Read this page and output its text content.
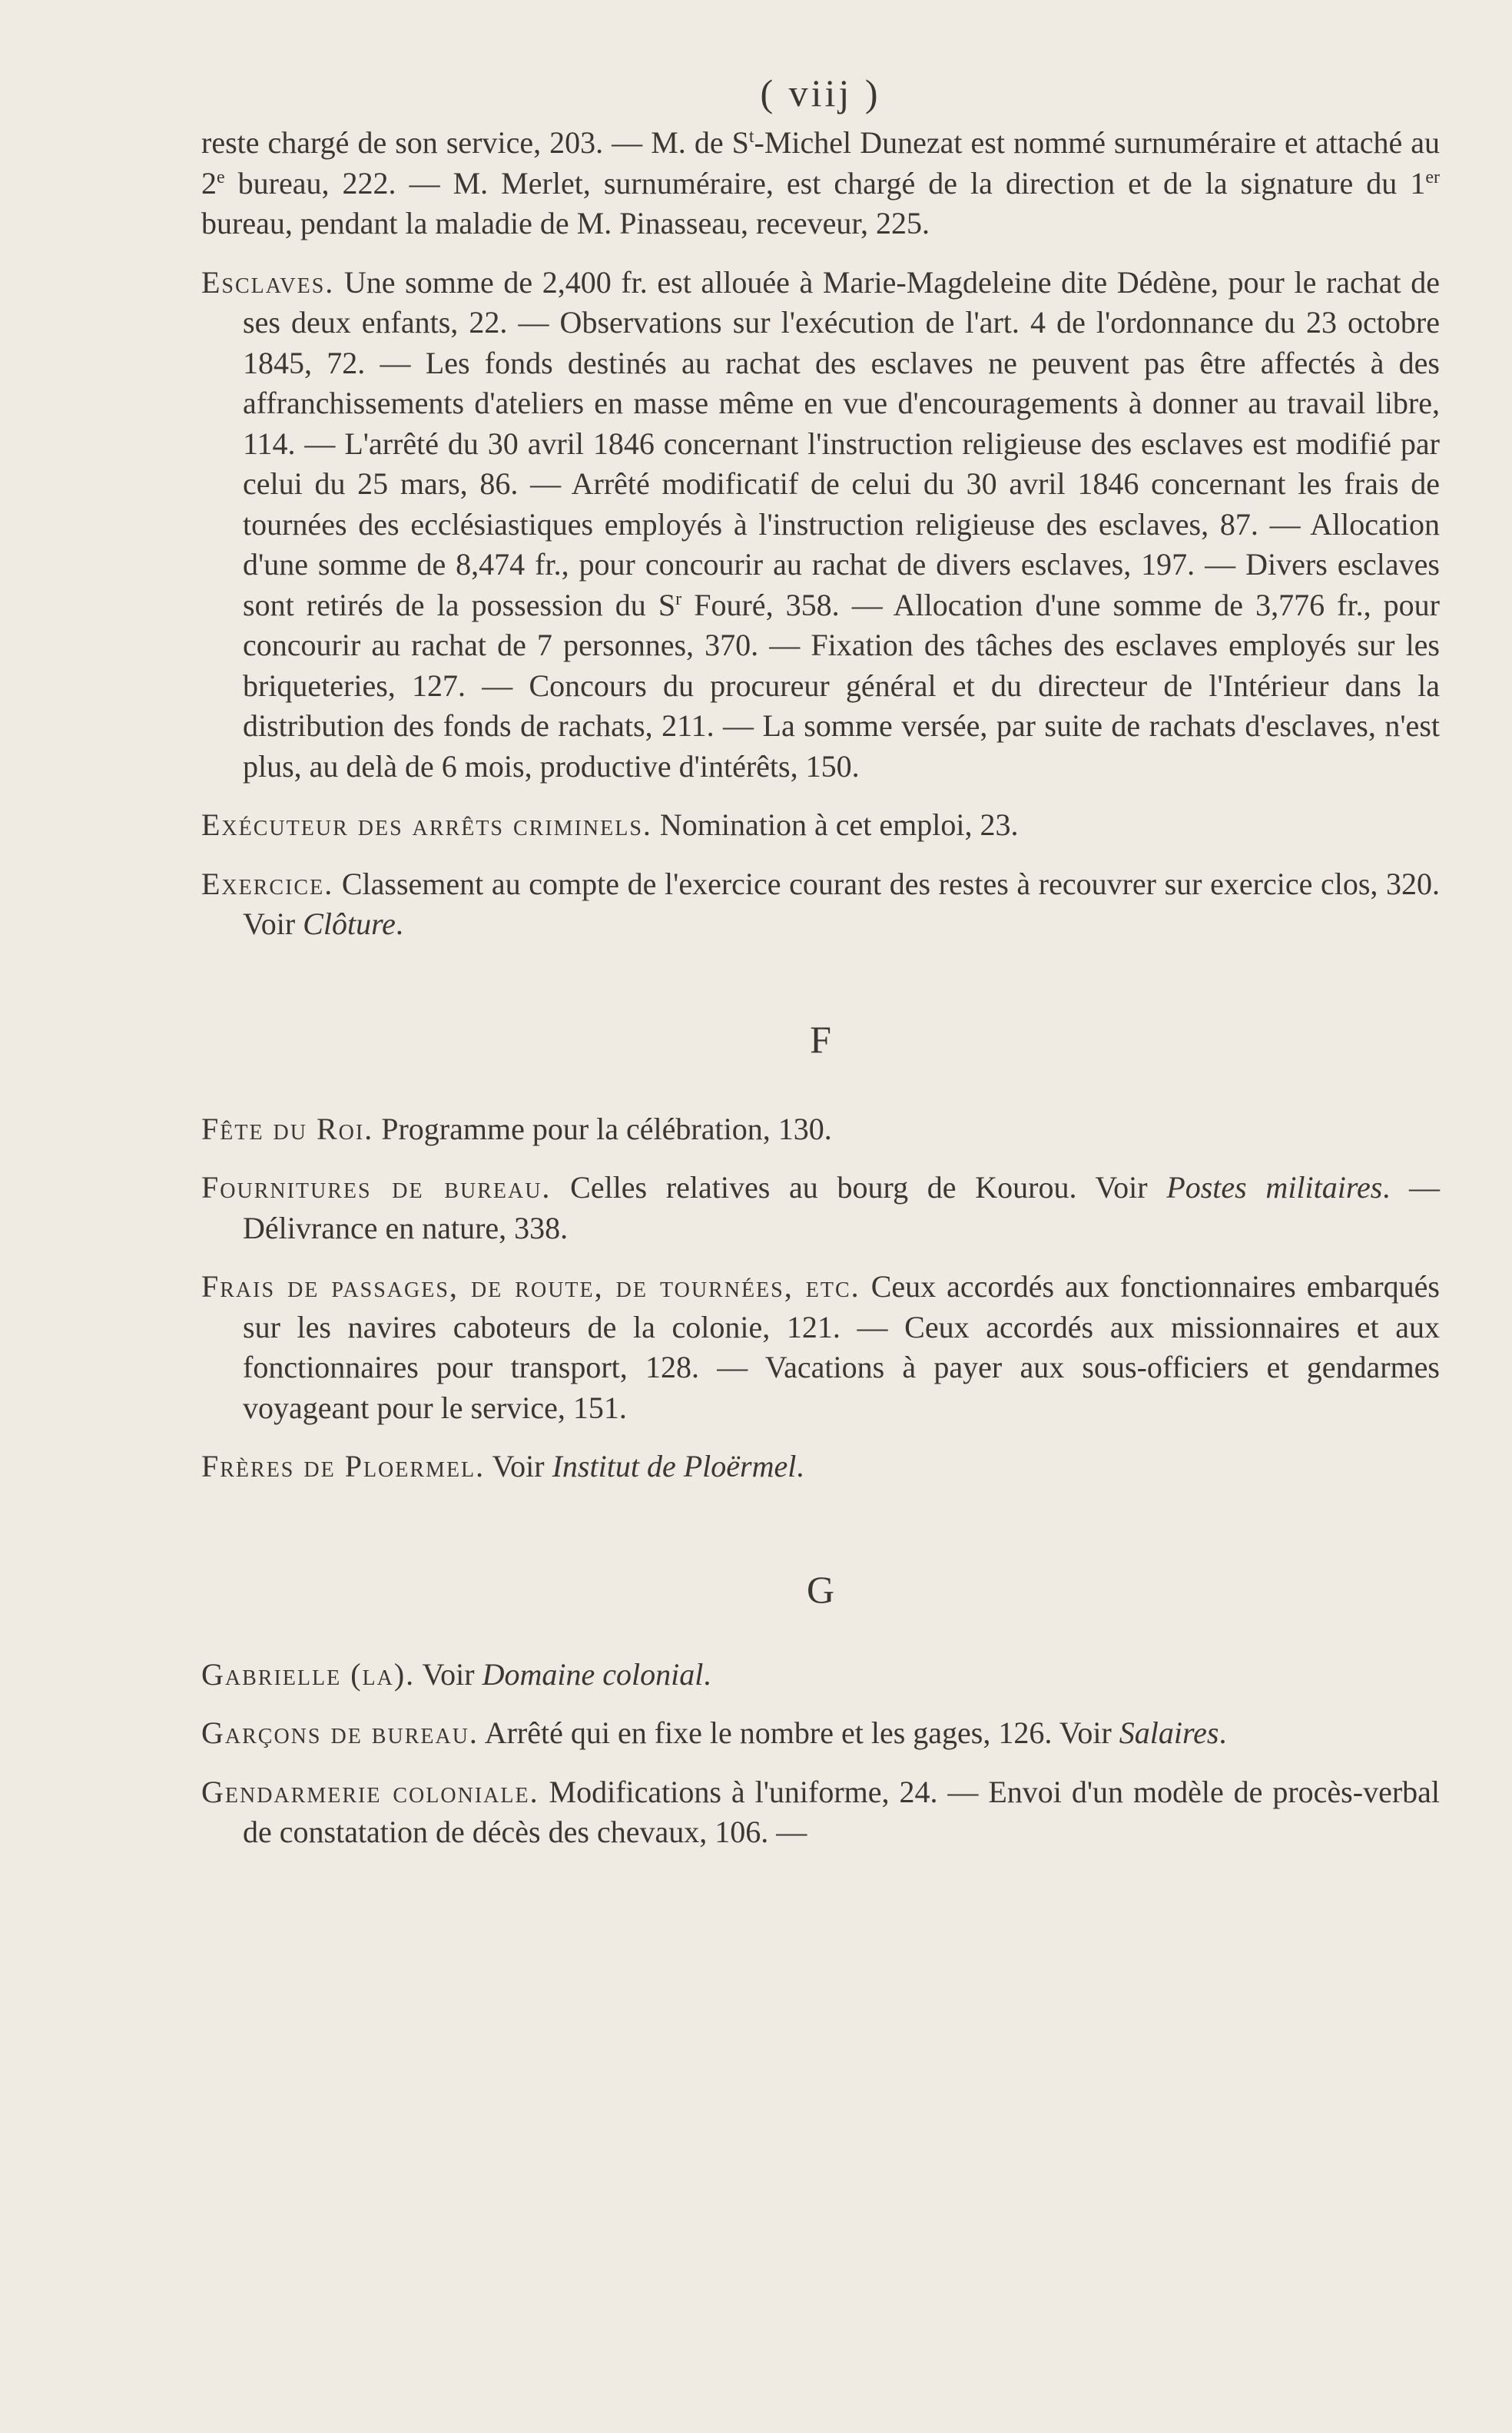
( viij )

reste chargé de son service, 203. — M. de $S^t$-Michel Dunezat est nommé surnuméraire et attaché au 2e bureau, 222. — M. Merlet, surnuméraire, est chargé de la direction et de la signature du 1er bureau, pendant la maladie de M. Pinasseau, receveur, 225.

Esclaves. Une somme de 2,400 fr. est allouée à Marie-Magdeleine dite Dédène, pour le rachat de ses deux enfants, 22. — Observations sur l'exécution de l'art. 4 de l'ordonnance du 23 octobre 1845, 72. — Les fonds destinés au rachat des esclaves ne peuvent pas être affectés à des affranchissements d'ateliers en masse même en vue d'encouragements à donner au travail libre, 114. — L'arrêté du 30 avril 1846 concernant l'instruction religieuse des esclaves est modifié par celui du 25 mars, 86. — Arrêté modificatif de celui du 30 avril 1846 concernant les frais de tournées des ecclésiastiques employés à l'instruction religieuse des esclaves, 87. — Allocation d'une somme de 8,474 fr., pour concourir au rachat de divers esclaves, 197. — Divers esclaves sont retirés de la possession du $S^r$ Fouré, 358. — Allocation d'une somme de 3,776 fr., pour concourir au rachat de 7 personnes, 370. — Fixation des tâches des esclaves employés sur les briqueteries, 127. — Concours du procureur général et du directeur de l'Intérieur dans la distribution des fonds de rachats, 211. — La somme versée, par suite de rachats d'esclaves, n'est plus, au delà de 6 mois, productive d'intérêts, 150.

Exécuteur des arrêts criminels. Nomination à cet emploi, 23.

Exercice. Classement au compte de l'exercice courant des restes à recouvrer sur exercice clos, 320. Voir Clôture.

F

Fête du Roi. Programme pour la célébration, 130.

Fournitures de bureau. Celles relatives au bourg de Kourou. Voir Postes militaires. — Délivrance en nature, 338.

Frais de passages, de route, de tournées, etc. Ceux accordés aux fonctionnaires embarqués sur les navires caboteurs de la colonie, 121. — Ceux accordés aux missionnaires et aux fonctionnaires pour transport, 128. — Vacations à payer aux sous-officiers et gendarmes voyageant pour le service, 151.

Frères de Ploermel. Voir Institut de Ploërmel.

G

Gabrielle (la). Voir Domaine colonial.

Garçons de bureau. Arrêté qui en fixe le nombre et les gages, 126. Voir Salaires.

Gendarmerie coloniale. Modifications à l'uniforme, 24. — Envoi d'un modèle de procès-verbal de constatation de décès des chevaux, 106. —
